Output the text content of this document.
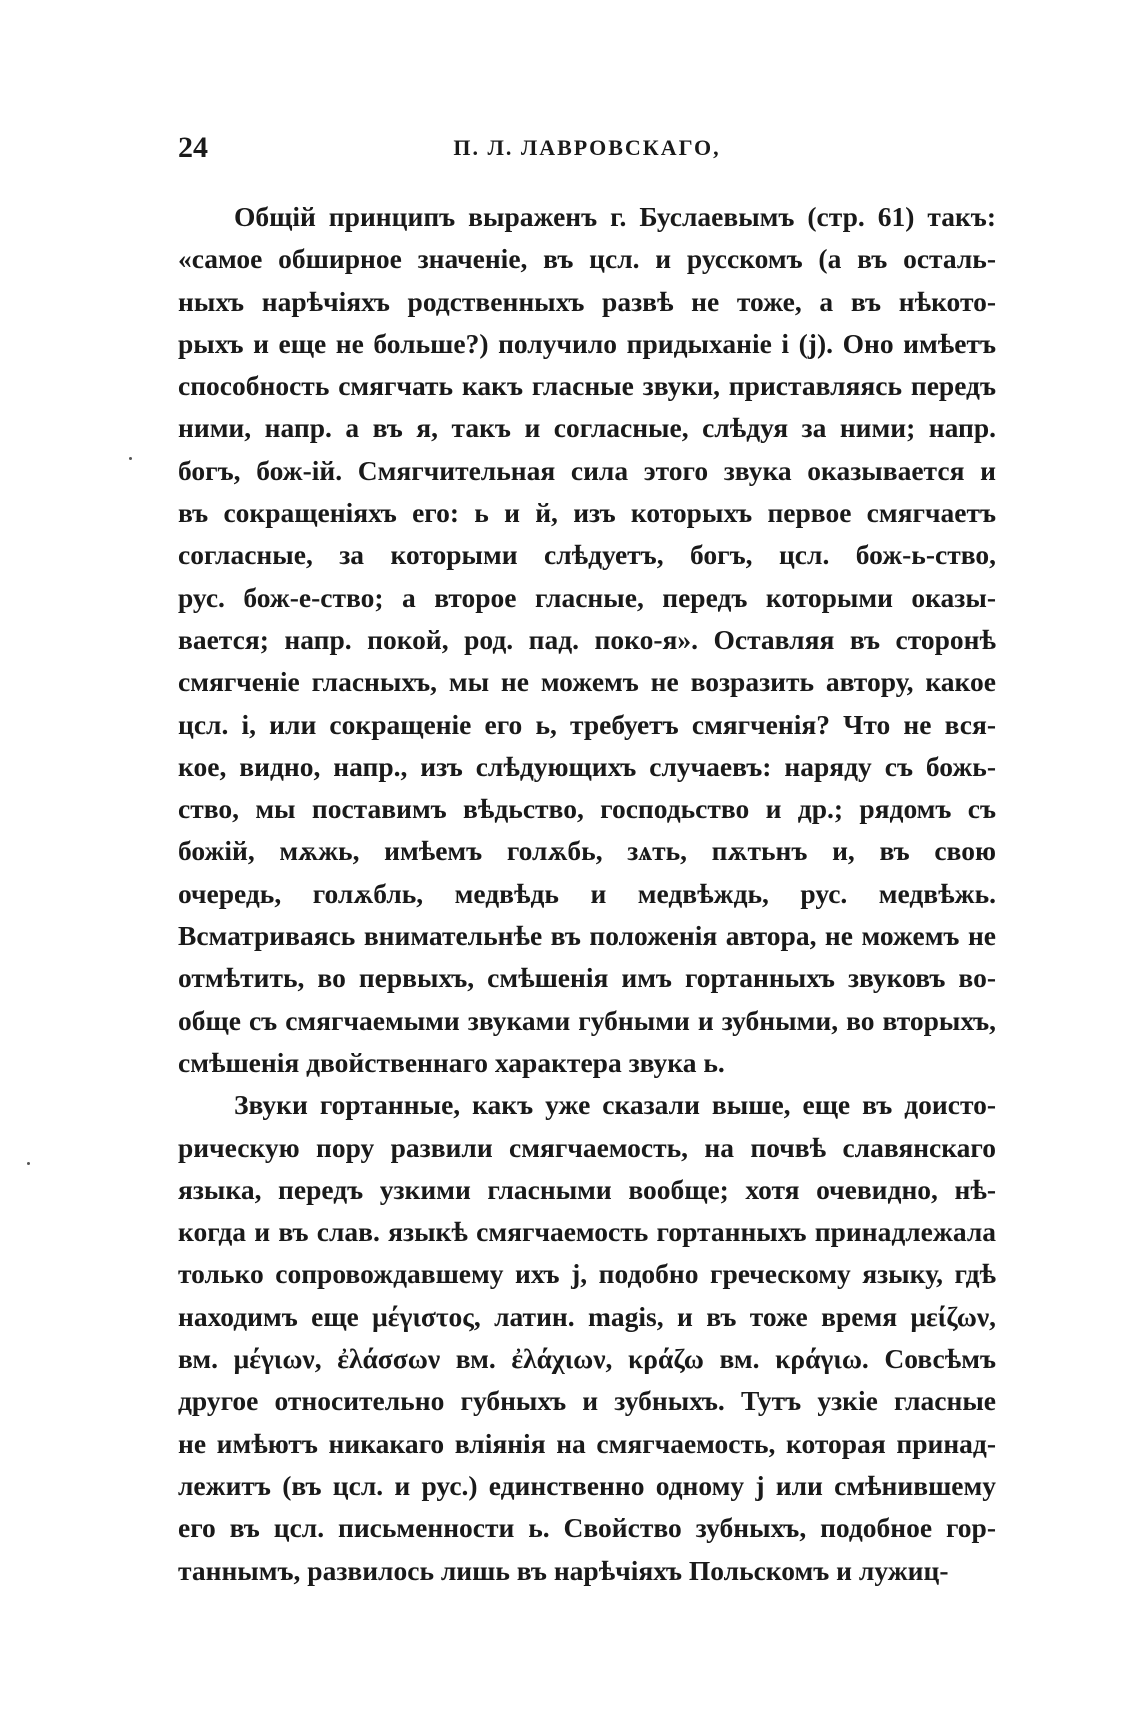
24	П. Л. ЛАВРОВСКАГО,
Общій принципъ выраженъ г. Буслаевымъ (стр. 61) такъ:
«самое обширное значеніе, въ цсл. и русскомъ (а въ осталь-
ныхъ нарѣчіяхъ родственныхъ развѣ не тоже, а въ нѣкото-
рыхъ и еще не больше?) получило придыханіе і (j). Оно имѣетъ
способность смягчать какъ гласные звуки, приставляясь передъ
ними, напр. а въ я, такъ и согласные, слѣдуя за ними; напр.
богъ, бож-ій. Смягчительная сила этого звука оказывается и
въ сокращеніяхъ его: ь и й, изъ которыхъ первое смягчаетъ
согласные, за которыми слѣдуетъ, богъ, цсл. бож-ь-ство,
рус. бож-е-ство; а второе гласные, передъ которыми оказы-
вается; напр. покой, род. пад. поко-я». Оставляя въ сторонѣ
смягченіе гласныхъ, мы не можемъ не возразить автору, какое
цсл. і, или сокращеніе его ь, требуетъ смягченія? Что не вся-
кое, видно, напр., изъ слѣдующихъ случаевъ: наряду съ божь-
ство, мы поставимъ вѣдьство, господьство и др.; рядомъ съ
божій, мѫжь, имѣемъ голѫбь, зѧть, пѫтьнъ и, въ свою
очередь, голѫбль, медвѣдь и медвѣждь, рус. медвѣжь.
Всматриваясь внимательнѣе въ положенія автора, не можемъ не
отмѣтить, во первыхъ, смѣшенія имъ гортанныхъ звуковъ во-
обще съ смягчаемыми звуками губными и зубными, во вторыхъ,
смѣшенія двойственнаго характера звука ь.
Звуки гортанные, какъ уже сказали выше, еще въ доисто-
рическую пору развили смягчаемость, на почвѣ славянскаго
языка, передъ узкими гласными вообще; хотя очевидно, нѣ-
когда и въ слав. языкѣ смягчаемость гортанныхъ принадлежала
только сопровождавшему ихъ j, подобно греческому языку, гдѣ
находимъ еще μέγιστος, латин. magis, и въ тоже время μείζων,
вм. μέγιων, ἐλάσσων вм. ἐλάχιων, κράζω вм. κράγιω. Совсѣмъ
другое относительно губныхъ и зубныхъ. Тутъ узкіе гласные
не имѣютъ никакаго вліянія на смягчаемость, которая принад-
лежитъ (въ цсл. и рус.) единственно одному j или смѣнившему
его въ цсл. письменности ь. Свойство зубныхъ, подобное гор-
таннымъ, развилось лишь въ нарѣчіяхъ Польскомъ и лужиц-
